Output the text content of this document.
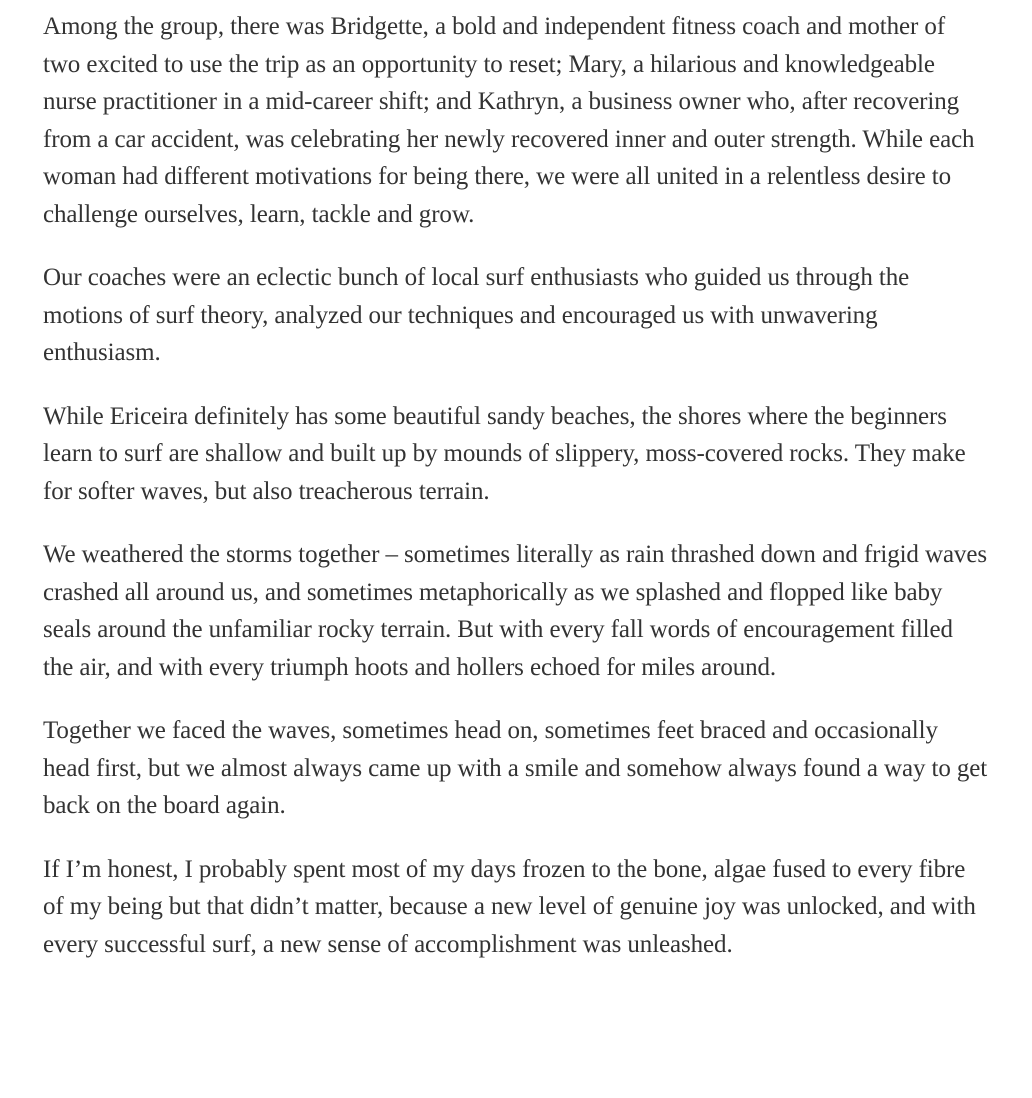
Among the group, there was Bridgette, a bold and independent fitness coach and mother of two excited to use the trip as an opportunity to reset; Mary, a hilarious and knowledgeable nurse practitioner in a mid-career shift; and Kathryn, a business owner who, after recovering from a car accident, was celebrating her newly recovered inner and outer strength. While each woman had different motivations for being there, we were all united in a relentless desire to challenge ourselves, learn, tackle and grow.

Our coaches were an eclectic bunch of local surf enthusiasts who guided us through the motions of surf theory, analyzed our techniques and encouraged us with unwavering enthusiasm.

While Ericeira definitely has some beautiful sandy beaches, the shores where the beginners learn to surf are shallow and built up by mounds of slippery, moss-covered rocks. They make for softer waves, but also treacherous terrain.

We weathered the storms together – sometimes literally as rain thrashed down and frigid waves crashed all around us, and sometimes metaphorically as we splashed and flopped like baby seals around the unfamiliar rocky terrain. But with every fall words of encouragement filled the air, and with every triumph hoots and hollers echoed for miles around.

Together we faced the waves, sometimes head on, sometimes feet braced and occasionally head first, but we almost always came up with a smile and somehow always found a way to get back on the board again.

If I’m honest, I probably spent most of my days frozen to the bone, algae fused to every fibre of my being but that didn’t matter, because a new level of genuine joy was unlocked, and with every successful surf, a new sense of accomplishment was unleashed.
